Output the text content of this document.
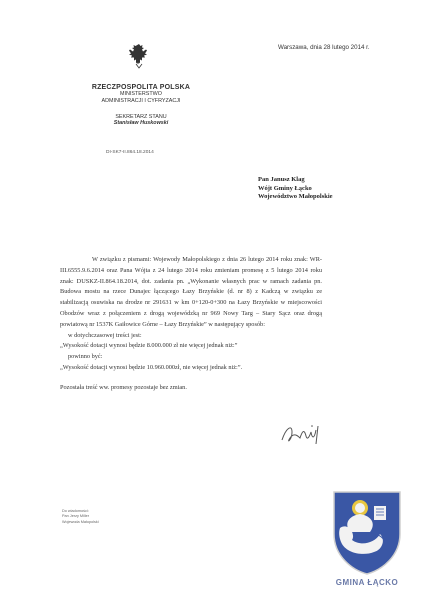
Warszawa, dnia 28 lutego 2014 r.
RZECZPOSPOLITA POLSKA
MINISTERSTWO
ADMINISTRACJI I CYFRYZACJI
SEKRETARZ STANU
Stanisław Huskowski
DI-SK7-II.864.18.2014
Pan Janusz Klag
Wójt Gminy Łącko
Województwo Małopolskie

W związku z pismami: Wojewody Małopolskiego z dnia 26 lutego 2014 roku znak: WR-III.6555.9.6.2014 oraz Pana Wójta z 24 lutego 2014 roku zmieniam promesę z 5 lutego 2014 roku znak: DUSKZ-II.864.18.2014, dot. zadania pn. „Wykonanie własnych prac w ramach zadania pn. Budowa mostu na rzece Dunajec łączącego Łazy Brzyńskie (d. nr 8) z Kadczą w związku ze stabilizacją osuwiska na drodze nr 291631 w km 0+120-0+300 na Łazy Brzyńskie w miejscowości Obodzów wraz z połączeniem z drogą wojewódzką nr 969 Nowy Targ – Stary Sącz oraz drogą powiatową nr 1537K Gaiłowice Górne – Łazy Brzyńskie” w następujący sposób:

w dotychczasowej treści jest:

„Wysokość dotacji wynosi będzie 8.000.000 zł nie więcej jednak niż:”

powinno być:

„Wysokość dotacji wynosi będzie 10.960.000zł, nie więcej jednak niż:”.

Pozostała treść ww. promesy pozostaje bez zmian.

Do wiadomości:
Pan Jerzy Miller
Wojewoda Małopolski
GMINA ŁĄCKO
